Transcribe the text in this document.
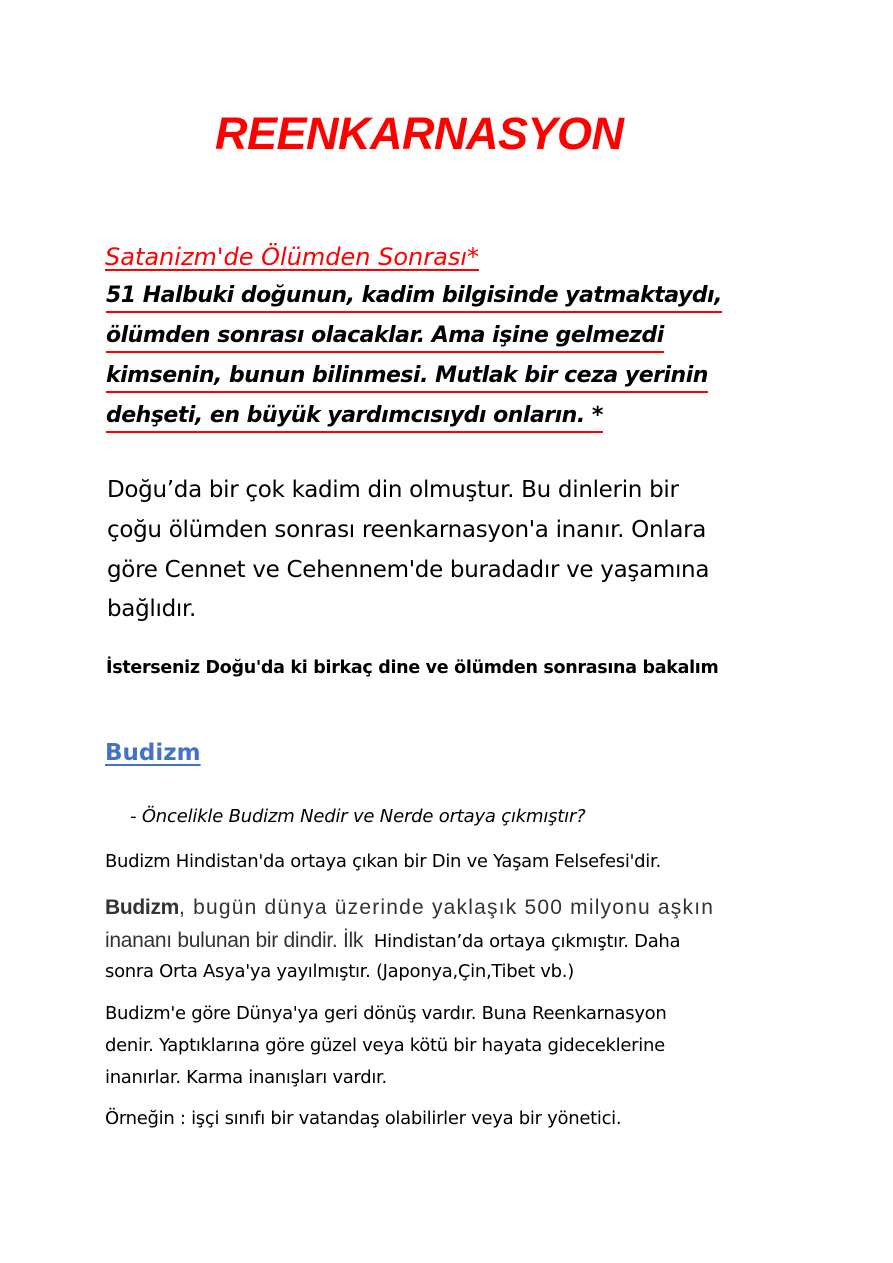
REENKARNASYON
Satanizm'de Ölümden Sonrası*
51 Halbuki doğunun, kadim bilgisinde yatmaktaydı,
ölümden sonrası olacaklar. Ama işine gelmezdi
kimsenin, bunun bilinmesi. Mutlak bir ceza yerinin
dehşeti, en büyük yardımcısıydı onların. *
Doğu’da bir çok kadim din olmuştur. Bu dinlerin bir
çoğu ölümden sonrası reenkarnasyon'a inanır. Onlara
göre Cennet ve Cehennem'de buradadır ve yaşamına
bağlıdır.
İsterseniz Doğu'da ki birkaç dine ve ölümden sonrasına bakalım
Budizm
- Öncelikle Budizm Nedir ve Nerde ortaya çıkmıştır?
Budizm Hindistan'da ortaya çıkan bir Din ve Yaşam Felsefesi'dir.
Budizm, bugün dünya üzerinde yaklaşık 500 milyonu aşkın
inananı bulunan bir dindir. İlk Hindistan’da ortaya çıkmıştır. Daha
sonra Orta Asya'ya yayılmıştır. (Japonya,Çin,Tibet vb.)
Budizm'e göre Dünya'ya geri dönüş vardır. Buna Reenkarnasyon
denir. Yaptıklarına göre güzel veya kötü bir hayata gideceklerine
inanırlar. Karma inanışları vardır.
Örneğin : işçi sınıfı bir vatandaş olabilirler veya bir yönetici.
